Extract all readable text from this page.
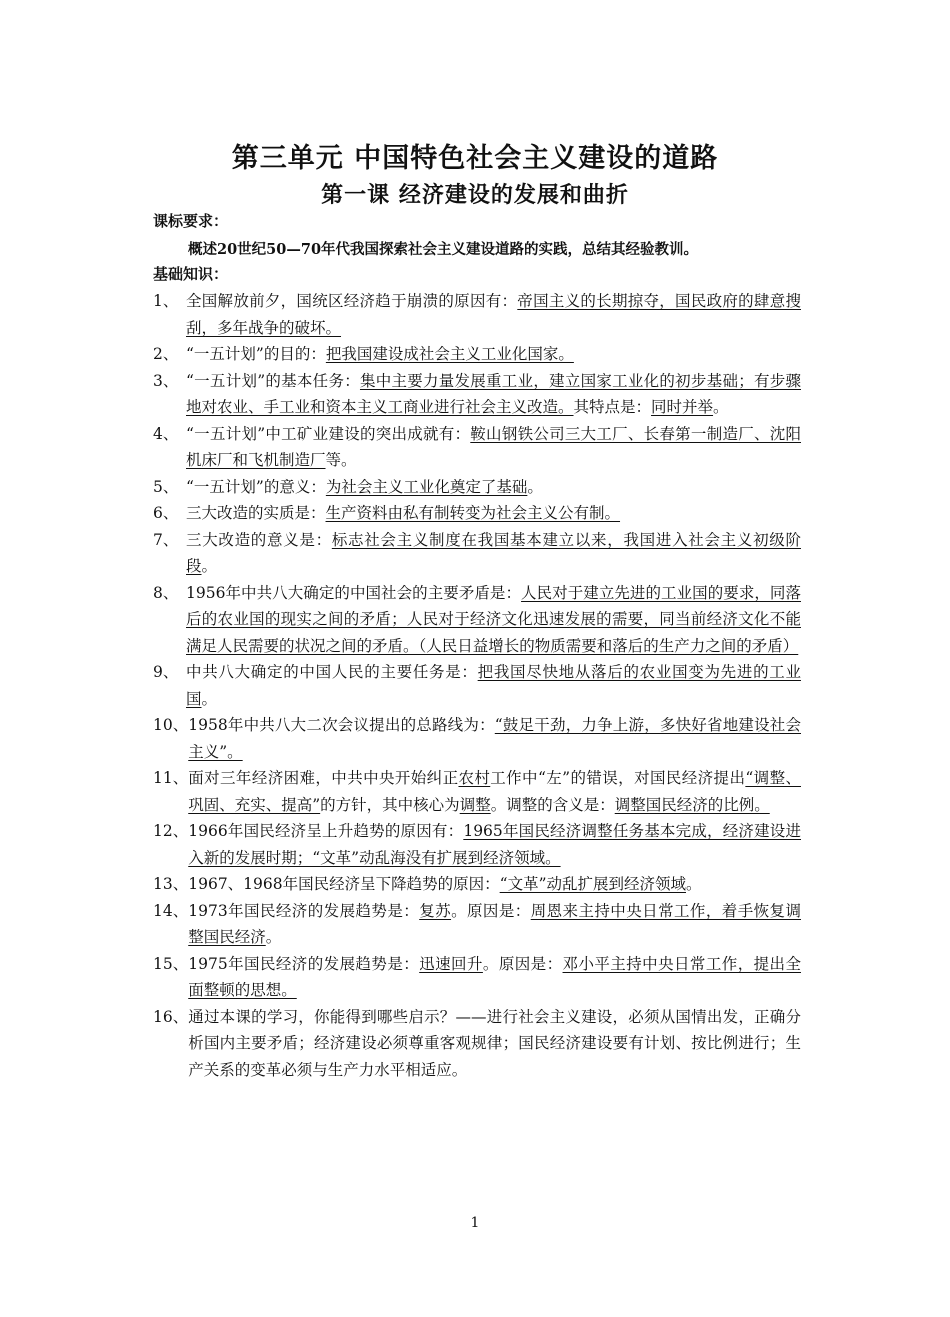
第三单元 中国特色社会主义建设的道路
第一课 经济建设的发展和曲折
课标要求：
概述20世纪50—70年代我国探索社会主义建设道路的实践，总结其经验教训。
基础知识：
1、 全国解放前夕，国统区经济趋于崩溃的原因有：帝国主义的长期掠夺，国民政府的肆意搜刮，多年战争的破坏。
2、 “一五计划”的目的：把我国建设成社会主义工业化国家。
3、 “一五计划”的基本任务：集中主要力量发展重工业，建立国家工业化的初步基础；有步骤地对农业、手工业和资本主义工商业进行社会主义改造。其特点是：同时并举。
4、 “一五计划”中工矿业建设的突出成就有：鞍山钢铁公司三大工厂、长春第一制造厂、沈阳机床厂和飞机制造厂等。
5、 “一五计划”的意义：为社会主义工业化奠定了基础。
6、 三大改造的实质是：生产资料由私有制转变为社会主义公有制。
7、 三大改造的意义是：标志社会主义制度在我国基本建立以来，我国进入社会主义初级阶段。
8、 1956年中共八大确定的中国社会的主要矛盾是：人民对于建立先进的工业国的要求，同落后的农业国的现实之间的矛盾；人民对于经济文化迅速发展的需要，同当前经济文化不能满足人民需要的状况之间的矛盾。（人民日益增长的物质需要和落后的生产力之间的矛盾）
9、 中共八大确定的中国人民的主要任务是：把我国尽快地从落后的农业国变为先进的工业国。
10、 1958年中共八大二次会议提出的总路线为：“鼓足干劲，力争上游，多快好省地建设社会主义”。
11、 面对三年经济困难，中共中央开始纠正农村工作中“左”的错误，对国民经济提出“调整、巩固、充实、提高”的方针，其中核心为调整。调整的含义是：调整国民经济的比例。
12、 1966年国民经济呈上升趋势的原因有：1965年国民经济调整任务基本完成，经济建设进入新的发展时期；“文革”动乱海没有扩展到经济领域。
13、 1967、1968年国民经济呈下降趋势的原因：“文革”动乱扩展到经济领域。
14、 1973年国民经济的发展趋势是：复苏。原因是：周恩来主持中央日常工作，着手恢复调整国民经济。
15、 1975年国民经济的发展趋势是：迅速回升。原因是：邓小平主持中央日常工作，提出全面整顿的思想。
16、 通过本课的学习，你能得到哪些启示？——进行社会主义建设，必须从国情出发，正确分析国内主要矛盾；经济建设必须尊重客观规律；国民经济建设要有计划、按比例进行；生产关系的变革必须与生产力水平相适应。
1
